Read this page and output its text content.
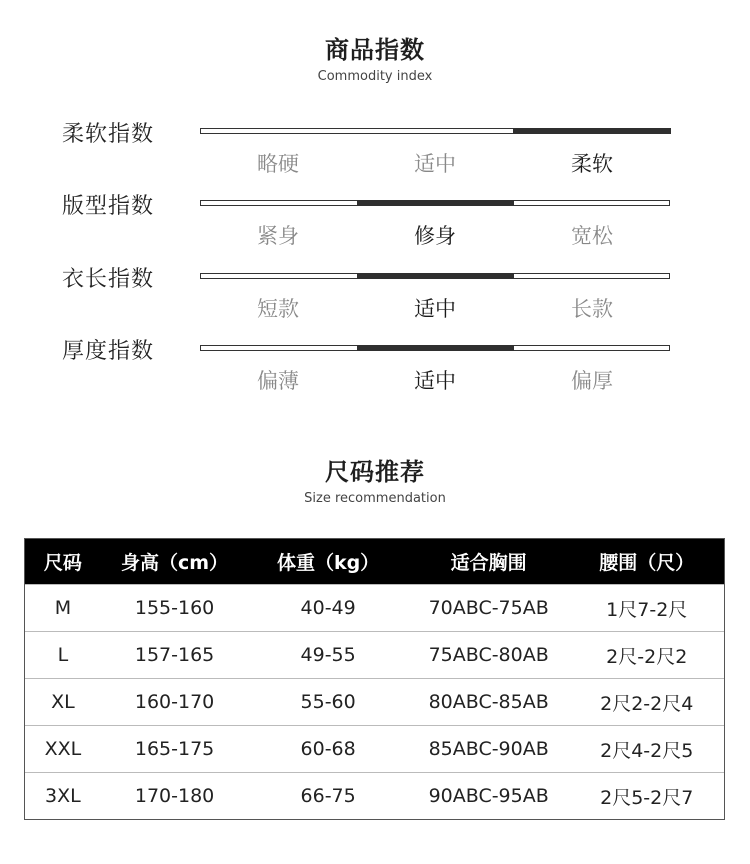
商品指数
Commodity index
柔软指数
略硬	适中	柔软
版型指数
紧身	修身	宽松
衣长指数
短款	适中	长款
厚度指数
偏薄	适中	偏厚
尺码推荐
Size recommendation
尺码	身高（cm）	体重（kg）	适合胸围	腰围（尺）
M	155-160	40-49	70ABC-75AB	1尺7-2尺
L	157-165	49-55	75ABC-80AB	2尺-2尺2
XL	160-170	55-60	80ABC-85AB	2尺2-2尺4
XXL	165-175	60-68	85ABC-90AB	2尺4-2尺5
3XL	170-180	66-75	90ABC-95AB	2尺5-2尺7
